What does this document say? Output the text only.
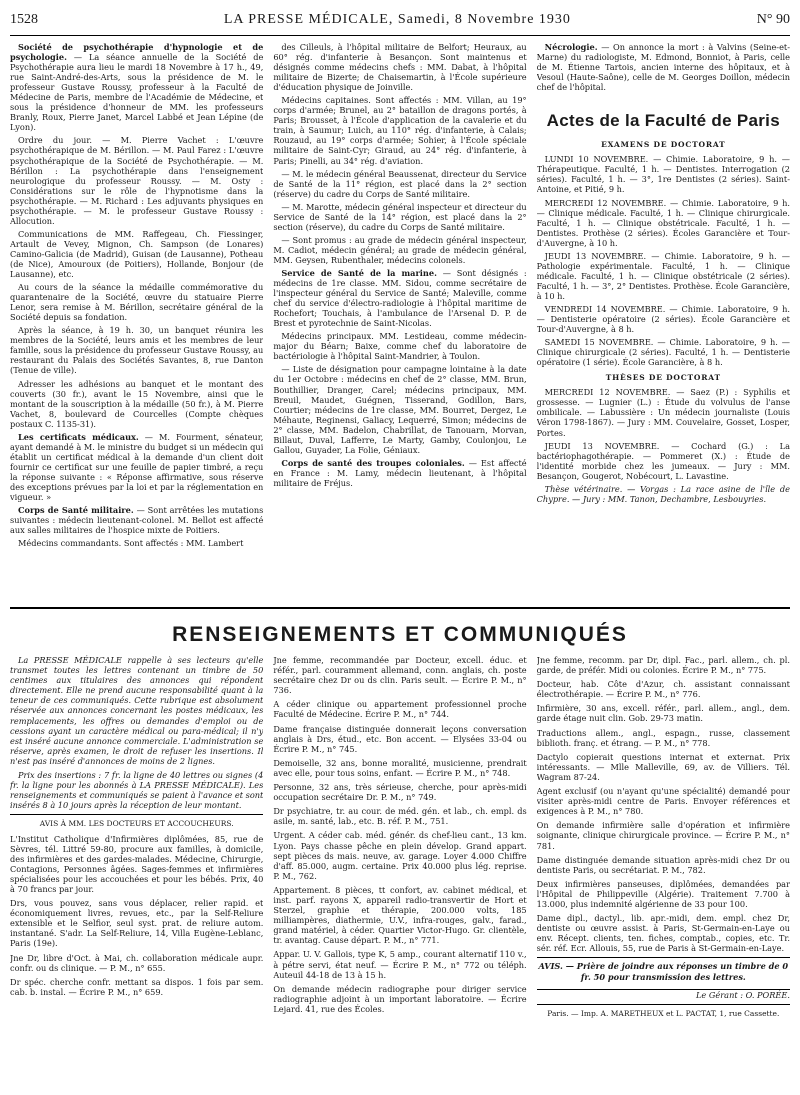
1528	LA PRESSE MÉDICALE, Samedi, 8 Novembre 1930	N° 90

Société de psychothérapie d'hypnologie et de psychologie. — La séance annuelle de la Société de Psychothérapie aura lieu le mardi 18 Novembre à 17 h., 49, rue Saint-André-des-Arts, sous la présidence de M. le professeur Gustave Roussy, professeur à la Faculté de Médecine de Paris, membre de l'Académie de Médecine, et sous la présidence d'honneur de MM. les professeurs Branly, Roux, Pierre Janet, Marcel Labbé et Jean Lépine (de Lyon).

Ordre du jour. — M. Pierre Vachet : L'œuvre psychothérapique de M. Bérillon. — M. Paul Farez : L'œuvre psychothérapique de la Société de Psychothérapie. — M. Bérillon : La psychothérapie dans l'enseignement neurologique du professeur Roussy. — M. Osty : Considérations sur le rôle de l'hypnotisme dans la psychothérapie. — M. Richard : Les adjuvants physiques en psychothérapie. — M. le professeur Gustave Roussy : Allocution.

Communications de MM. Raffegeau, Ch. Fiessinger, Artault de Vevey, Mignon, Ch. Sampson (de Lonares) Camino-Galicia (de Madrid), Guisan (de Lausanne), Potheau (de Nice), Amouroux (de Poitiers), Hollande, Bonjour (de Lausanne), etc.

Au cours de la séance la médaille commémorative du quarantenaire de la Société, œuvre du statuaire Pierre Lenor, sera remise à M. Bérillon, secrétaire général de la Société depuis sa fondation.

Après la séance, à 19 h. 30, un banquet réunira les membres de la Société, leurs amis et les membres de leur famille, sous la présidence du professeur Gustave Roussy, au restaurant du Palais des Sociétés Savantes, 8, rue Danton (Tenue de ville).

Adresser les adhésions au banquet et le montant des couverts (30 fr.), avant le 15 Novembre, ainsi que le montant de la souscription à la médaille (50 fr.), à M. Pierre Vachet, 8, boulevard de Courcelles (Compte chèques postaux C. 1135-31).

Les certificats médicaux. — M. Fourment, sénateur, ayant demandé à M. le ministre du budget si un médecin qui établit un certificat médical à la demande d'un client doit fournir ce certificat sur une feuille de papier timbré, a reçu la réponse suivante : « Réponse affirmative, sous réserve des exceptions prévues par la loi et par la réglementation en vigueur. »

Corps de Santé militaire. — Sont arrêtées les mutations suivantes : médecin lieutenant-colonel. M. Bellot est affecté aux salles militaires de l'hospice mixte de Poitiers.

Médecins commandants. Sont affectés : MM. Lambert

des Cilleuls, à l'hôpital militaire de Belfort; Heuraux, au 60° rég. d'infanterie à Besançon. Sont maintenus et désignés comme médecins chefs : MM. Dabat, à l'hôpital militaire de Bizerte; de Chaisemartin, à l'École supérieure d'éducation physique de Joinville.

Médecins capitaines. Sont affectés : MM. Villan, au 19° corps d'armée; Brunel, au 2° bataillon de dragons portés, à Paris; Brousset, à l'École d'application de la cavalerie et du train, à Saumur; Luich, au 110° rég. d'infanterie, à Calais; Rouzaud, au 19° corps d'armée; Sohier, à l'École spéciale militaire de Saint-Cyr; Giraud, au 24° rég. d'infanterie, à Paris; Pinelli, au 34° rég. d'aviation.

— M. le médecin général Beaussenat, directeur du Service de Santé de la 11° région, est placé dans la 2° section (réserve) du cadre du Corps de Santé militaire.

— M. Marotte, médecin général inspecteur et directeur du Service de Santé de la 14° région, est placé dans la 2° section (réserve), du cadre du Corps de Santé militaire.

— Sont promus : au grade de médecin général inspecteur, M. Cadiot, médecin général; au grade de médecin général, MM. Geysen, Rubenthaler, médecins colonels.

Service de Santé de la marine. — Sont désignés : médecins de 1re classe. MM. Sidou, comme secrétaire de l'inspecteur général du Service de Santé; Maleville, comme chef du service d'électro-radiologie à l'hôpital maritime de Rochefort; Touchais, à l'ambulance de l'Arsenal D. P. de Brest et pyrotechnie de Saint-Nicolas.

Médecins principaux. MM. Lestideau, comme médecin-major du Béarn; Baixe, comme chef du laboratoire de bactériologie à l'hôpital Saint-Mandrier, à Toulon.

— Liste de désignation pour campagne lointaine à la date du 1er Octobre : médecins en chef de 2° classe, MM. Brun, Bouthillier, Dranger, Carel; médecins principaux, MM. Breuil, Maudet, Guégnen, Tisserand, Godillon, Bars, Courtier; médecins de 1re classe, MM. Bourret, Dergez, Le Méhaute, Reginensi, Galiacy, Lequerré, Simon; médecins de 2° classe, MM. Badelon, Chabrillat, de Tanouarn, Morvan, Billaut, Duval, Lafferre, Le Marty, Gamby, Coulonjou, Le Gallou, Guyader, La Folie, Géniaux.

Corps de santé des troupes coloniales. — Est affecté en France : M. Lamy, médecin lieutenant, à l'hôpital militaire de Fréjus.

Nécrologie. — On annonce la mort : à Valvins (Seine-et-Marne) du radiologiste, M. Edmond, Bonniot, à Paris, celle de M. Étienne Tartois, ancien interne des hôpitaux, et à Vesoul (Haute-Saône), celle de M. Georges Doillon, médecin chef de l'hôpital.

Actes de la Faculté de Paris
EXAMENS DE DOCTORAT

LUNDI 10 NOVEMBRE. — Chimie. Laboratoire, 9 h. — Thérapeutique. Faculté, 1 h. — Dentistes. Interrogation (2 séries). Faculté, 1 h. — 3°, 1re Dentistes (2 séries). Saint-Antoine, et Pitié, 9 h.

MERCREDI 12 NOVEMBRE. — Chimie. Laboratoire, 9 h. — Clinique médicale. Faculté, 1 h. — Clinique chirurgicale. Faculté, 1 h. — Clinique obstétricale. Faculté, 1 h. — Dentistes. Prothèse (2 séries). Écoles Garancière et Tour-d'Auvergne, à 10 h.

JEUDI 13 NOVEMBRE. — Chimie. Laboratoire, 9 h. — Pathologie expérimentale. Faculté, 1 h. — Clinique médicale. Faculté, 1 h. — Clinique obstétricale (2 séries). Faculté, 1 h. — 3°, 2° Dentistes. Prothèse. École Garancière, à 10 h.

VENDREDI 14 NOVEMBRE. — Chimie. Laboratoire, 9 h. — Dentisterie opératoire (2 séries). École Garancière et Tour-d'Auvergne, à 8 h.

SAMEDI 15 NOVEMBRE. — Chimie. Laboratoire, 9 h. — Clinique chirurgicale (2 séries). Faculté, 1 h. — Dentisterie opératoire (1 série). École Garancière, à 8 h.

THÈSES DE DOCTORAT

MERCREDI 12 NOVEMBRE. — Saez (P.) : Syphilis et grossesse. — Lugnier (L.) : Étude du volvulus de l'anse ombilicale. — Labussière : Un médecin journaliste (Louis Véron 1798-1867). — Jury : MM. Couvelaire, Gosset, Losper, Portes.

JEUDI 13 NOVEMBRE. — Cochard (G.) : La bactériophagothérapie. — Pommeret (X.) : Étude de l'identité morbide chez les jumeaux. — Jury : MM. Besançon, Gougerot, Nobécourt, L. Lavastine.

Thèse vétérinaire. — Vorgas : La race asine de l'île de Chypre. — Jury : MM. Tanon, Dechambre, Lesbouyries.

RENSEIGNEMENTS ET COMMUNIQUÉS

La PRESSE MÉDICALE rappelle à ses lecteurs qu'elle transmet toutes les lettres contenant un timbre de 50 centimes aux titulaires des annonces qui répondent directement. Elle ne prend aucune responsabilité quant à la teneur de ces communiqués. Cette rubrique est absolument réservée aux annonces concernant les postes médicaux, les remplacements, les offres ou demandes d'emploi ou de cessions ayant un caractère médical ou para-médical; il n'y est inséré aucune annonce commerciale. L'administration se réserve, après examen, le droit de refuser les insertions. Il n'est pas inséré d'annonces de moins de 2 lignes.

Prix des insertions : 7 fr. la ligne de 40 lettres ou signes (4 fr. la ligne pour les abonnés à LA PRESSE MÉDICALE). Les renseignements et communiqués se paient à l'avance et sont insérés 8 à 10 jours après la réception de leur montant.

AVIS À MM. LES DOCTEURS ET ACCOUCHEURS.

L'Institut Catholique d'Infirmières diplômées, 85, rue de Sèvres, tél. Littré 59-80, procure aux familles, à domicile, des infirmières et des gardes-malades. Médecine, Chirurgie, Contagions, Personnes âgées. Sages-femmes et infirmières spécialisées pour les accouchées et pour les bébés. Prix, 40 à 70 francs par jour.

Drs, vous pouvez, sans vous déplacer, relier rapid. et économiquement livres, revues, etc., par la Self-Reliure extensible et le Selfior, seul syst. prat. de reliure autom. instantané. S'adr. La Self-Reliure, 14, Villa Eugène-Leblanc, Paris (19e).

Jne Dr, libre d'Oct. à Mai, ch. collaboration médicale aupr. confr. ou ds clinique. — P. M., n° 655.

Dr spéc. cherche confr. mettant sa dispos. 1 fois par sem. cab. b. instal. — Écrire P. M., n° 659.

Jne femme, recommandée par Docteur, excell. éduc. et référ., parl. couramment allemand, conn. anglais, ch. poste secrétaire chez Dr ou ds clin. Paris seult. — Écrire P. M., n° 736.

A céder clinique ou appartement professionnel proche Faculté de Médecine. Écrire P. M., n° 744.

Dame française distinguée donnerait leçons conversation anglais à Drs, étud., etc. Bon accent. — Elysées 33-04 ou Écrire P. M., n° 745.

Demoiselle, 32 ans, bonne moralité, musicienne, prendrait avec elle, pour tous soins, enfant. — Écrire P. M., n° 748.

Personne, 32 ans, très sérieuse, cherche, pour après-midi occupation secrétaire Dr. P. M., n° 749.

Dr psychiatre, tr. au cour. de méd. gén. et lab., ch. empl. ds asile, m. santé, lab., etc. B. réf. P. M., 751.

Urgent. A céder cab. méd. génér. ds chef-lieu cant., 13 km. Lyon. Pays chasse pêche en plein dévelop. Grand appart. sept pièces ds mais. neuve, av. garage. Loyer 4.000 Chiffre d'aff. 85.000, augm. certaine. Prix 40.000 plus lég. reprise. P. M., 762.

Appartement. 8 pièces, tt confort, av. cabinet médical, et inst. parf. rayons X, appareil radio-transvertir de Hort et Sterzel, graphie et thérapie, 200.000 volts, 185 milliampères, diathermie, U.V., infra-rouges, galv., farad., grand matériel, à céder. Quartier Victor-Hugo. Gr. clientèle, tr. avantag. Cause départ. P. M., n° 771.

Appar. U. V. Gallois, type K, 5 amp., courant alternatif 110 v., à pétre servi, état neuf. — Écrire P. M., n° 772 ou téléph. Auteuil 44-18 de 13 à 15 h.

On demande médecin radiographe pour diriger service radiographie adjoint à un important laboratoire. — Écrire Lejard. 41, rue des Écoles.

Jne femme, recomm. par Dr, dipl. Fac., parl. allem., ch. pl. garde, de préfér. Midi ou colonies. Écrire P. M., n° 775.

Docteur, hab. Côte d'Azur, ch. assistant connaissant électrothérapie. — Écrire P. M., n° 776.

Infirmière, 30 ans, excell. référ., parl. allem., angl., dem. garde étage nuit clin. Gob. 29-73 matin.

Traductions allem., angl., espagn., russe, classement biblioth. franç. et étrang. — P. M., n° 778.

Dactylo copierait questions internat et externat. Prix intéressants. — Mlle Malleville, 69, av. de Villiers. Tél. Wagram 87-24.

Agent exclusif (ou n'ayant qu'une spécialité) demandé pour visiter après-midi centre de Paris. Envoyer références et exigences à P. M., n° 780.

On demande infirmière salle d'opération et infirmière soignante, clinique chirurgicale province. — Écrire P. M., n° 781.

Dame distinguée demande situation après-midi chez Dr ou dentiste Paris, ou secrétariat. P. M., 782.

Deux infirmières panseuses, diplômées, demandées par l'Hôpital de Philippeville (Algérie). Traitement 7.700 à 13.000, plus indemnité algérienne de 33 pour 100.

Dame dipl., dactyl., lib. apr.-midi, dem. empl. chez Dr, dentiste ou œuvre assist. à Paris, St-Germain-en-Laye ou env. Récept. clients, ten. fiches, comptab., copies, etc. Tr. sér. réf. Ecr. Allouis, 55, rue de Paris à St-Germain-en-Laye.

AVIS. — Prière de joindre aux réponses un timbre de 0 fr. 50 pour transmission des lettres.

Le Gérant : O. PORÉE.

Paris. — Imp. A. MARETHEUX et L. PACTAT, 1, rue Cassette.
